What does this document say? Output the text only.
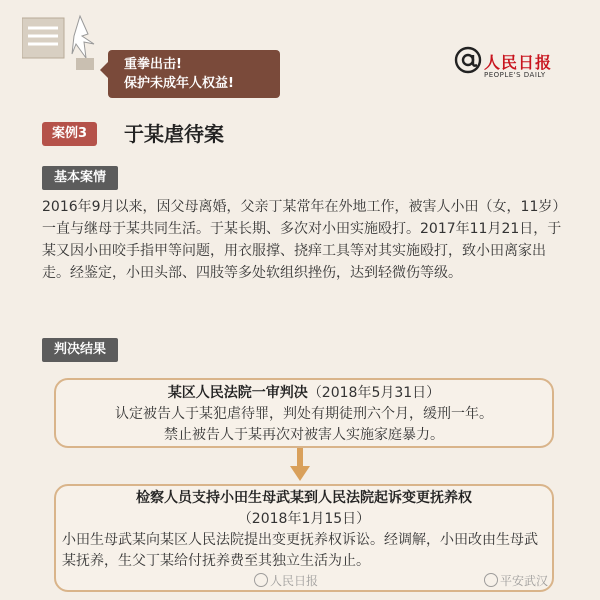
重拳出击!
保护未成年人权益!
人民日报
PEOPLE'S DAILY
案例3	于某虐待案
基本案情
2016年9月以来，因父母离婚，父亲丁某常年在外地工作，被害人小田（女，11岁）一直与继母于某共同生活。于某长期、多次对小田实施殴打。2017年11月21日，于某又因小田咬手指甲等问题，用衣服撑、挠痒工具等对其实施殴打，致小田离家出走。经鉴定，小田头部、四肢等多处软组织挫伤，达到轻微伤等级。
判决结果
某区人民法院一审判决（2018年5月31日）
认定被告人于某犯虐待罪，判处有期徒刑六个月，缓刑一年。
禁止被告人于某再次对被害人实施家庭暴力。
检察人员支持小田生母武某到人民法院起诉变更抚养权
（2018年1月15日）
小田生母武某向某区人民法院提出变更抚养权诉讼。经调解，小田改由生母武某抚养，生父丁某给付抚养费至其独立生活为止。
人民日报	平安武汉
